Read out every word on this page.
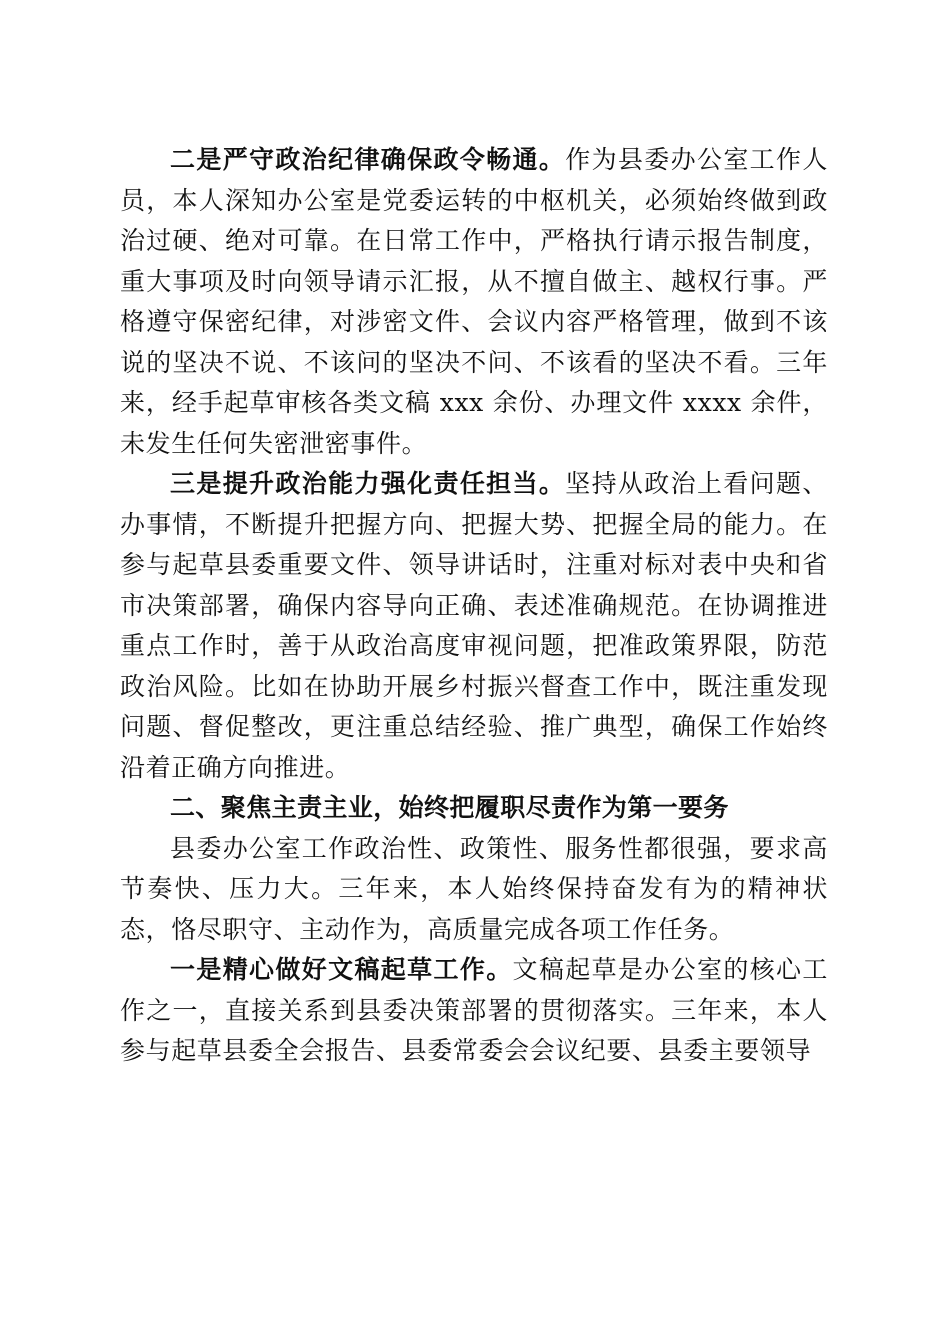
二是严守政治纪律确保政令畅通。作为县委办公室工作人员，本人深知办公室是党委运转的中枢机关，必须始终做到政治过硬、绝对可靠。在日常工作中，严格执行请示报告制度，重大事项及时向领导请示汇报，从不擅自做主、越权行事。严格遵守保密纪律，对涉密文件、会议内容严格管理，做到不该说的坚决不说、不该问的坚决不问、不该看的坚决不看。三年来，经手起草审核各类文稿 xxx 余份、办理文件 xxxx 余件，未发生任何失密泄密事件。

三是提升政治能力强化责任担当。坚持从政治上看问题、办事情，不断提升把握方向、把握大势、把握全局的能力。在参与起草县委重要文件、领导讲话时，注重对标对表中央和省市决策部署，确保内容导向正确、表述准确规范。在协调推进重点工作时，善于从政治高度审视问题，把准政策界限，防范政治风险。比如在协助开展乡村振兴督查工作中，既注重发现问题、督促整改，更注重总结经验、推广典型，确保工作始终沿着正确方向推进。

二、聚焦主责主业，始终把履职尽责作为第一要务

县委办公室工作政治性、政策性、服务性都很强，要求高节奏快、压力大。三年来，本人始终保持奋发有为的精神状态，恪尽职守、主动作为，高质量完成各项工作任务。

一是精心做好文稿起草工作。文稿起草是办公室的核心工作之一，直接关系到县委决策部署的贯彻落实。三年来，本人参与起草县委全会报告、县委常委会会议纪要、县委主要领导
